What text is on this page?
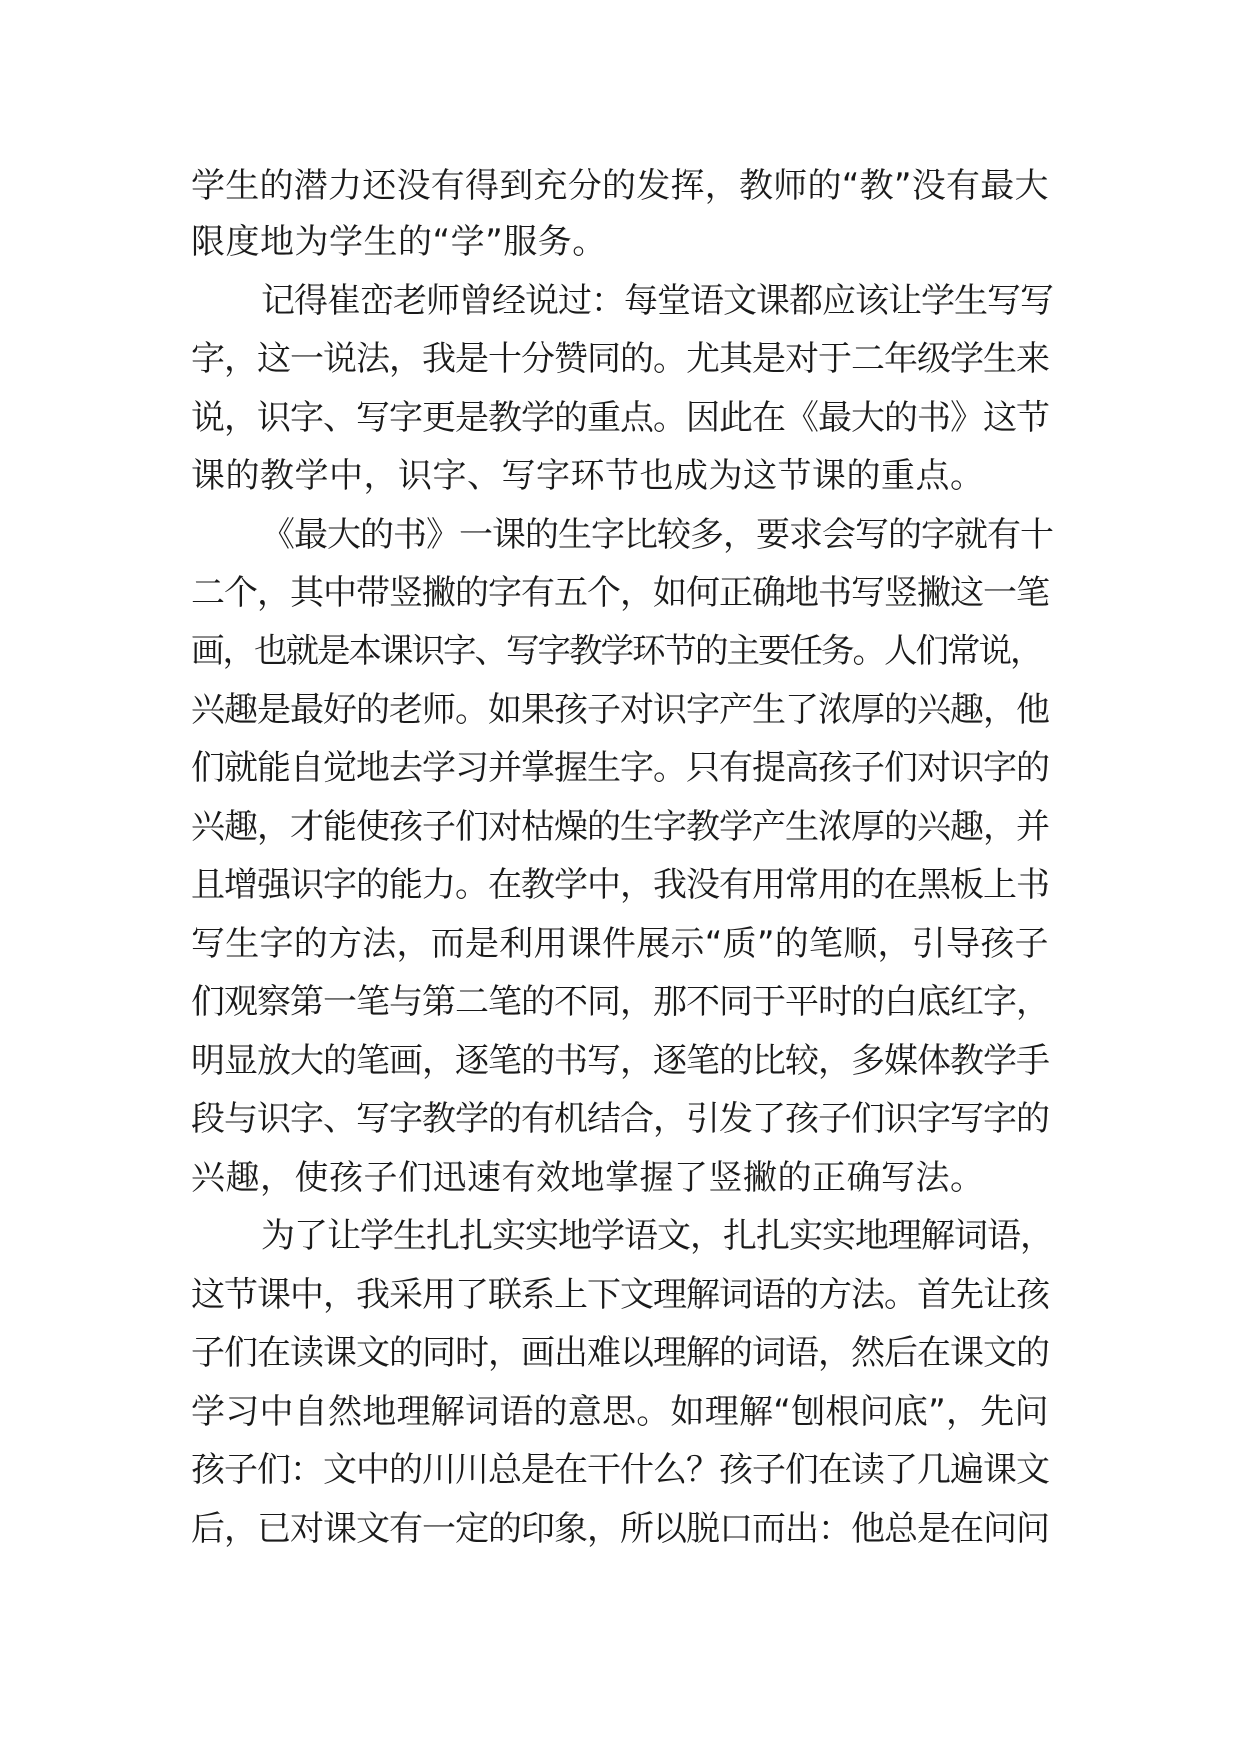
学生的潜力还没有得到充分的发挥，教师的“教”没有最大
限度地为学生的“学”服务。
记得崔峦老师曾经说过：每堂语文课都应该让学生写写
字，这一说法，我是十分赞同的。尤其是对于二年级学生来
说，识字、写字更是教学的重点。因此在《最大的书》这节
课的教学中，识字、写字环节也成为这节课的重点。
《最大的书》一课的生字比较多，要求会写的字就有十
二个，其中带竖撇的字有五个，如何正确地书写竖撇这一笔
画，也就是本课识字、写字教学环节的主要任务。人们常说，
兴趣是最好的老师。如果孩子对识字产生了浓厚的兴趣，他
们就能自觉地去学习并掌握生字。只有提高孩子们对识字的
兴趣，才能使孩子们对枯燥的生字教学产生浓厚的兴趣，并
且增强识字的能力。在教学中，我没有用常用的在黑板上书
写生字的方法，而是利用课件展示“质”的笔顺，引导孩子
们观察第一笔与第二笔的不同，那不同于平时的白底红字，
明显放大的笔画，逐笔的书写，逐笔的比较，多媒体教学手
段与识字、写字教学的有机结合，引发了孩子们识字写字的
兴趣，使孩子们迅速有效地掌握了竖撇的正确写法。
为了让学生扎扎实实地学语文，扎扎实实地理解词语，
这节课中，我采用了联系上下文理解词语的方法。首先让孩
子们在读课文的同时，画出难以理解的词语，然后在课文的
学习中自然地理解词语的意思。如理解“刨根问底”，先问
孩子们：文中的川川总是在干什么？孩子们在读了几遍课文
后，已对课文有一定的印象，所以脱口而出：他总是在问问
